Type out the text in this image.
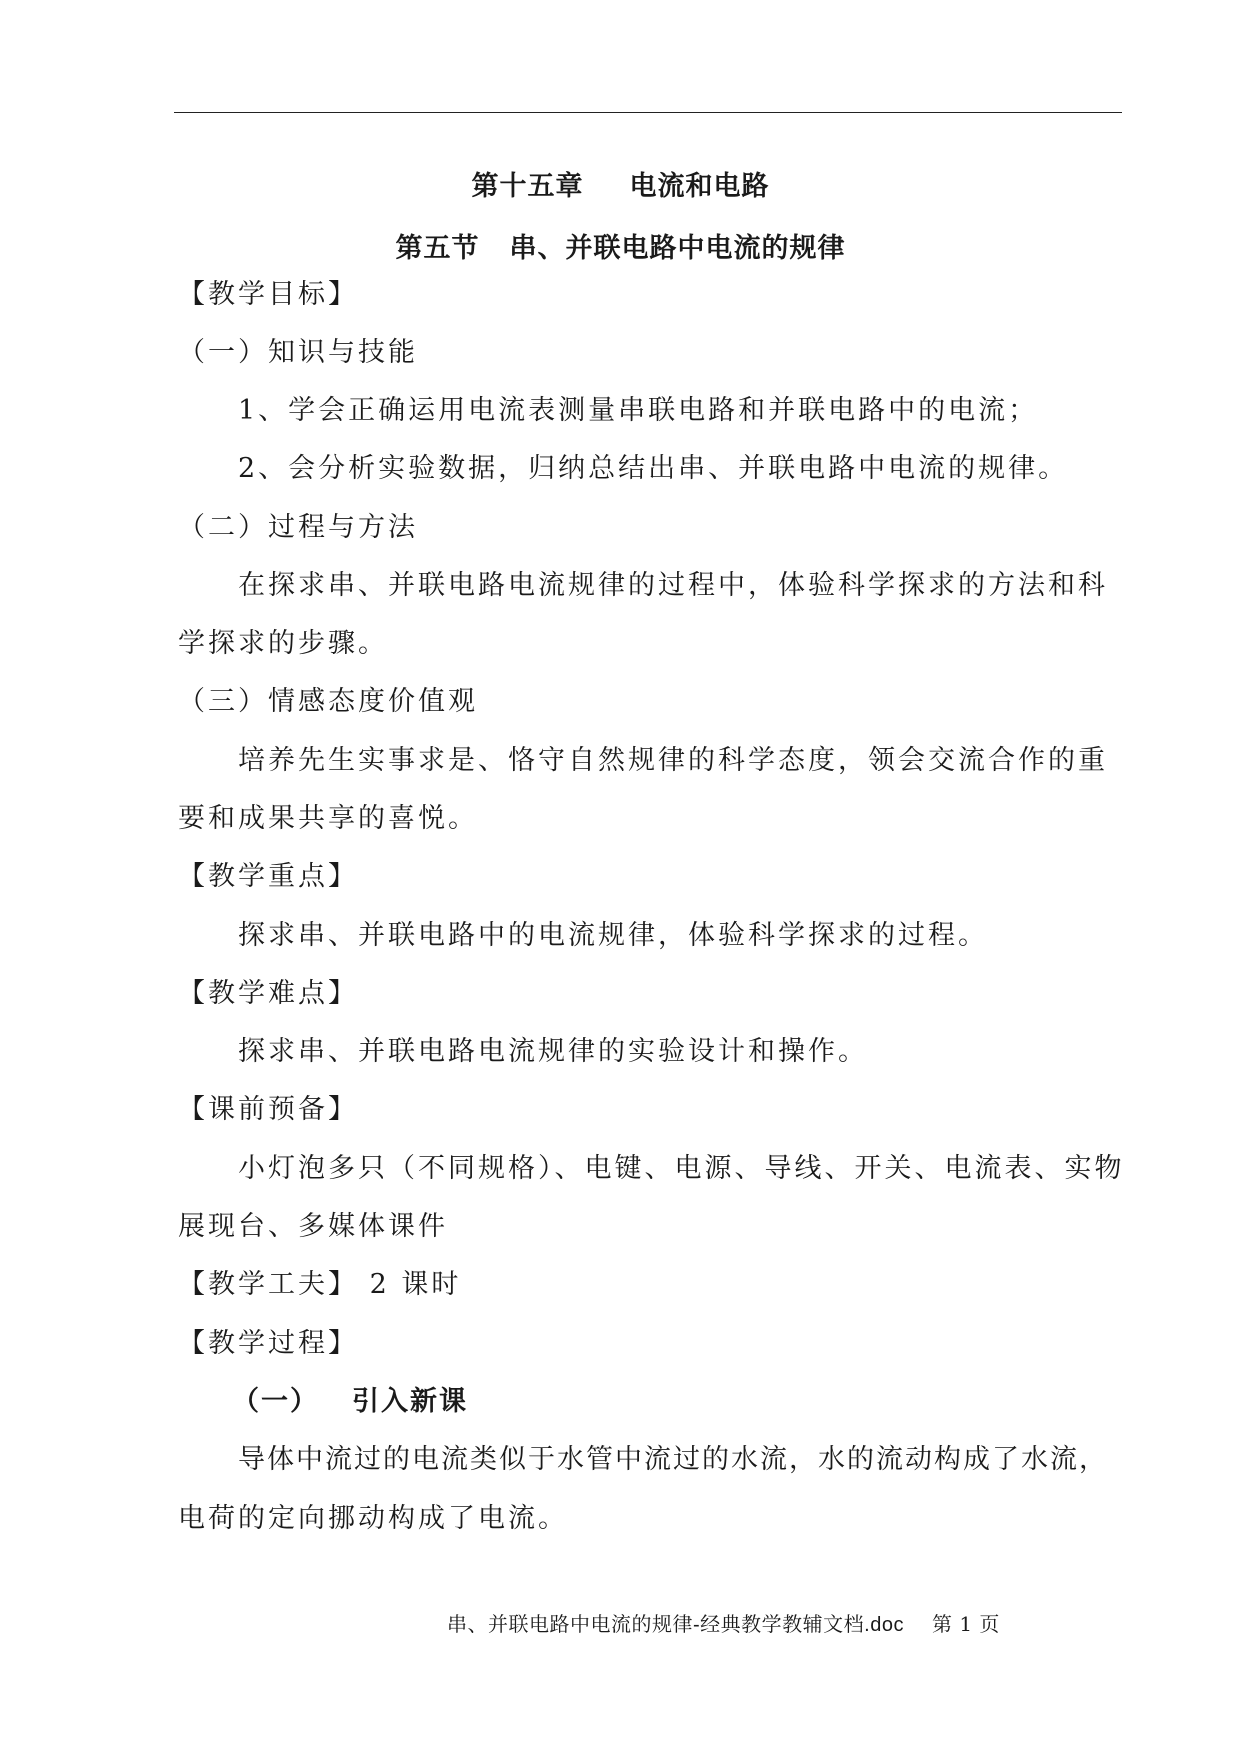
第十五章 电流和电路
第五节 串、并联电路中电流的规律
【教学目标】
（一）知识与技能
1、学会正确运用电流表测量串联电路和并联电路中的电流；
2、会分析实验数据，归纳总结出串、并联电路中电流的规律。
（二）过程与方法
在探求串、并联电路电流规律的过程中，体验科学探求的方法和科
学探求的步骤。
（三）情感态度价值观
培养先生实事求是、恪守自然规律的科学态度，领会交流合作的重
要和成果共享的喜悦。
【教学重点】
探求串、并联电路中的电流规律，体验科学探求的过程。
【教学难点】
探求串、并联电路电流规律的实验设计和操作。
【课前预备】
小灯泡多只（不同规格）、电键、电源、导线、开关、电流表、实物
展现台、多媒体课件
【教学工夫】 2 课时
【教学过程】
（一） 引入新课
导体中流过的电流类似于水管中流过的水流，水的流动构成了水流，
电荷的定向挪动构成了电流。
串、并联电路中电流的规律-经典教学教辅文档.doc 第 1 页
